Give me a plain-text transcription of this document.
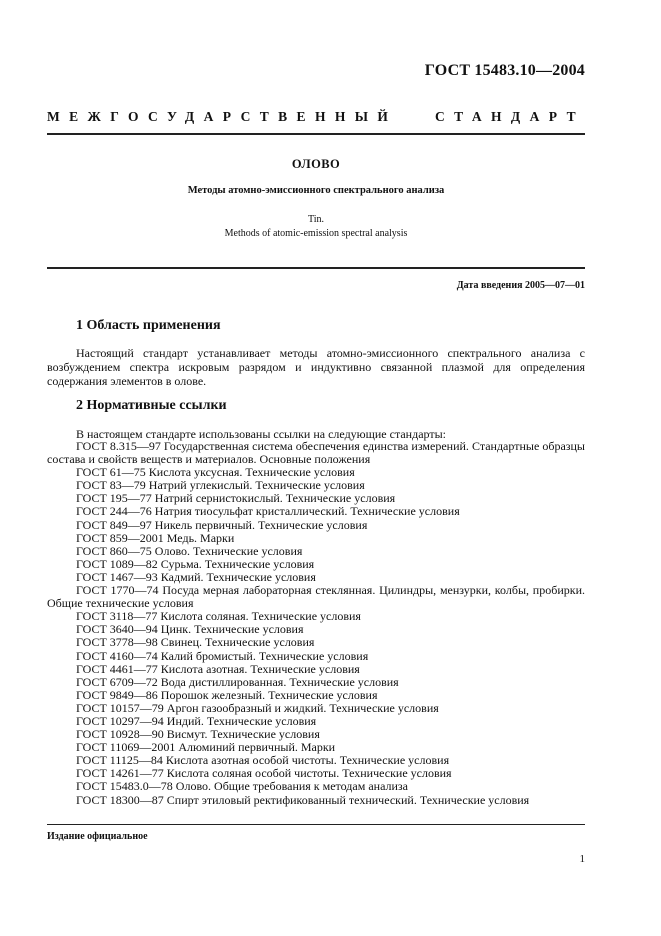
ГОСТ 15483.10—2004
МЕЖГОСУДАРСТВЕННЫЙ	СТАНДАРТ
ОЛОВО
Методы атомно-эмиссионного спектрального анализа
Tin.
Methods of atomic-emission spectral analysis
Дата введения 2005—07—01
1 Область применения
Настоящий стандарт устанавливает методы атомно-эмиссионного спектрального анализа с возбуждением спектра искровым разрядом и индуктивно связанной плазмой для определения содержания элементов в олове.
2 Нормативные ссылки
В настоящем стандарте использованы ссылки на следующие стандарты:
ГОСТ 8.315—97 Государственная система обеспечения единства измерений. Стандартные образцы состава и свойств веществ и материалов. Основные положения
ГОСТ 61—75 Кислота уксусная. Технические условия
ГОСТ 83—79 Натрий углекислый. Технические условия
ГОСТ 195—77 Натрий сернистокислый. Технические условия
ГОСТ 244—76 Натрия тиосульфат кристаллический. Технические условия
ГОСТ 849—97 Никель первичный. Технические условия
ГОСТ 859—2001 Медь. Марки
ГОСТ 860—75 Олово. Технические условия
ГОСТ 1089—82 Сурьма. Технические условия
ГОСТ 1467—93 Кадмий. Технические условия
ГОСТ 1770—74 Посуда мерная лабораторная стеклянная. Цилиндры, мензурки, колбы, пробирки. Общие технические условия
ГОСТ 3118—77 Кислота соляная. Технические условия
ГОСТ 3640—94 Цинк. Технические условия
ГОСТ 3778—98 Свинец. Технические условия
ГОСТ 4160—74 Калий бромистый. Технические условия
ГОСТ 4461—77 Кислота азотная. Технические условия
ГОСТ 6709—72 Вода дистиллированная. Технические условия
ГОСТ 9849—86 Порошок железный. Технические условия
ГОСТ 10157—79 Аргон газообразный и жидкий. Технические условия
ГОСТ 10297—94 Индий. Технические условия
ГОСТ 10928—90 Висмут. Технические условия
ГОСТ 11069—2001 Алюминий первичный. Марки
ГОСТ 11125—84 Кислота азотная особой чистоты. Технические условия
ГОСТ 14261—77 Кислота соляная особой чистоты. Технические условия
ГОСТ 15483.0—78 Олово. Общие требования к методам анализа
ГОСТ 18300—87 Спирт этиловый ректификованный технический. Технические условия
Издание официальное
1
